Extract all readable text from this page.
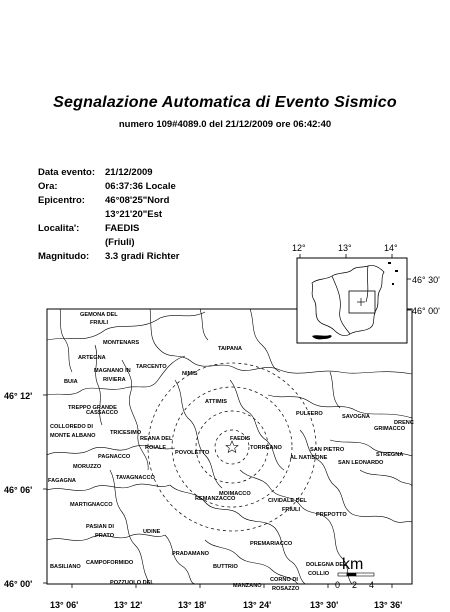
Segnalazione Automatica di Evento Sismico
numero 109#4089.0 del 21/12/2009 ore 06:42:40
Data evento:	21/12/2009
Ora:	06:37:36 Locale
Epicentro:	46°08'25"Nord
13°21'20"Est
Localita':	FAEDIS
(Friuli)
Magnitudo:	3.3 gradi Richter
GEMONA DEL
FRIULI
MONTENARS
ARTEGNA
TARCENTO
MAGNANO IN
RIVIERA
BUIA
TAIPANA
NIMIS
ATTIMIS
TREPPO GRANDE
CASSACCO
COLLOREDO DI
MONTE ALBANO	TRICESIMO
REANA DEL
ROIALE
PULFERO	SAVOGNA
GRIMACCO
DRENC
FAEDIS
TORREANO
POVOLETTO	SAN PIETRO
AL NATISONE
SAN LEONARDO
STREGNA
PAGNACCO
MORUZZO
TAVAGNACCO
MOIMACCO
REMANZACCO	CIVIDALE DEL
FRIULI
PREPOTTO
MARTIGNACCO
PASIAN DI
PRATO
UDINE
PREMARIACCO
PRADAMANO
BUTTRIO
CORNO DI
ROSAZZO
DOLEGNA DEL
COLLIO
MANZANO
CAMPOFORMIDO
POZZUOLO DEL
FAGAGNA
BASILIANO	km
0 2 4
13° 06'	13° 12'	13° 18'	13° 24'	13° 30'	13° 36'
46° 12'
46° 06'
46° 00'
12°	13°	14°
46° 30'
46° 00'
